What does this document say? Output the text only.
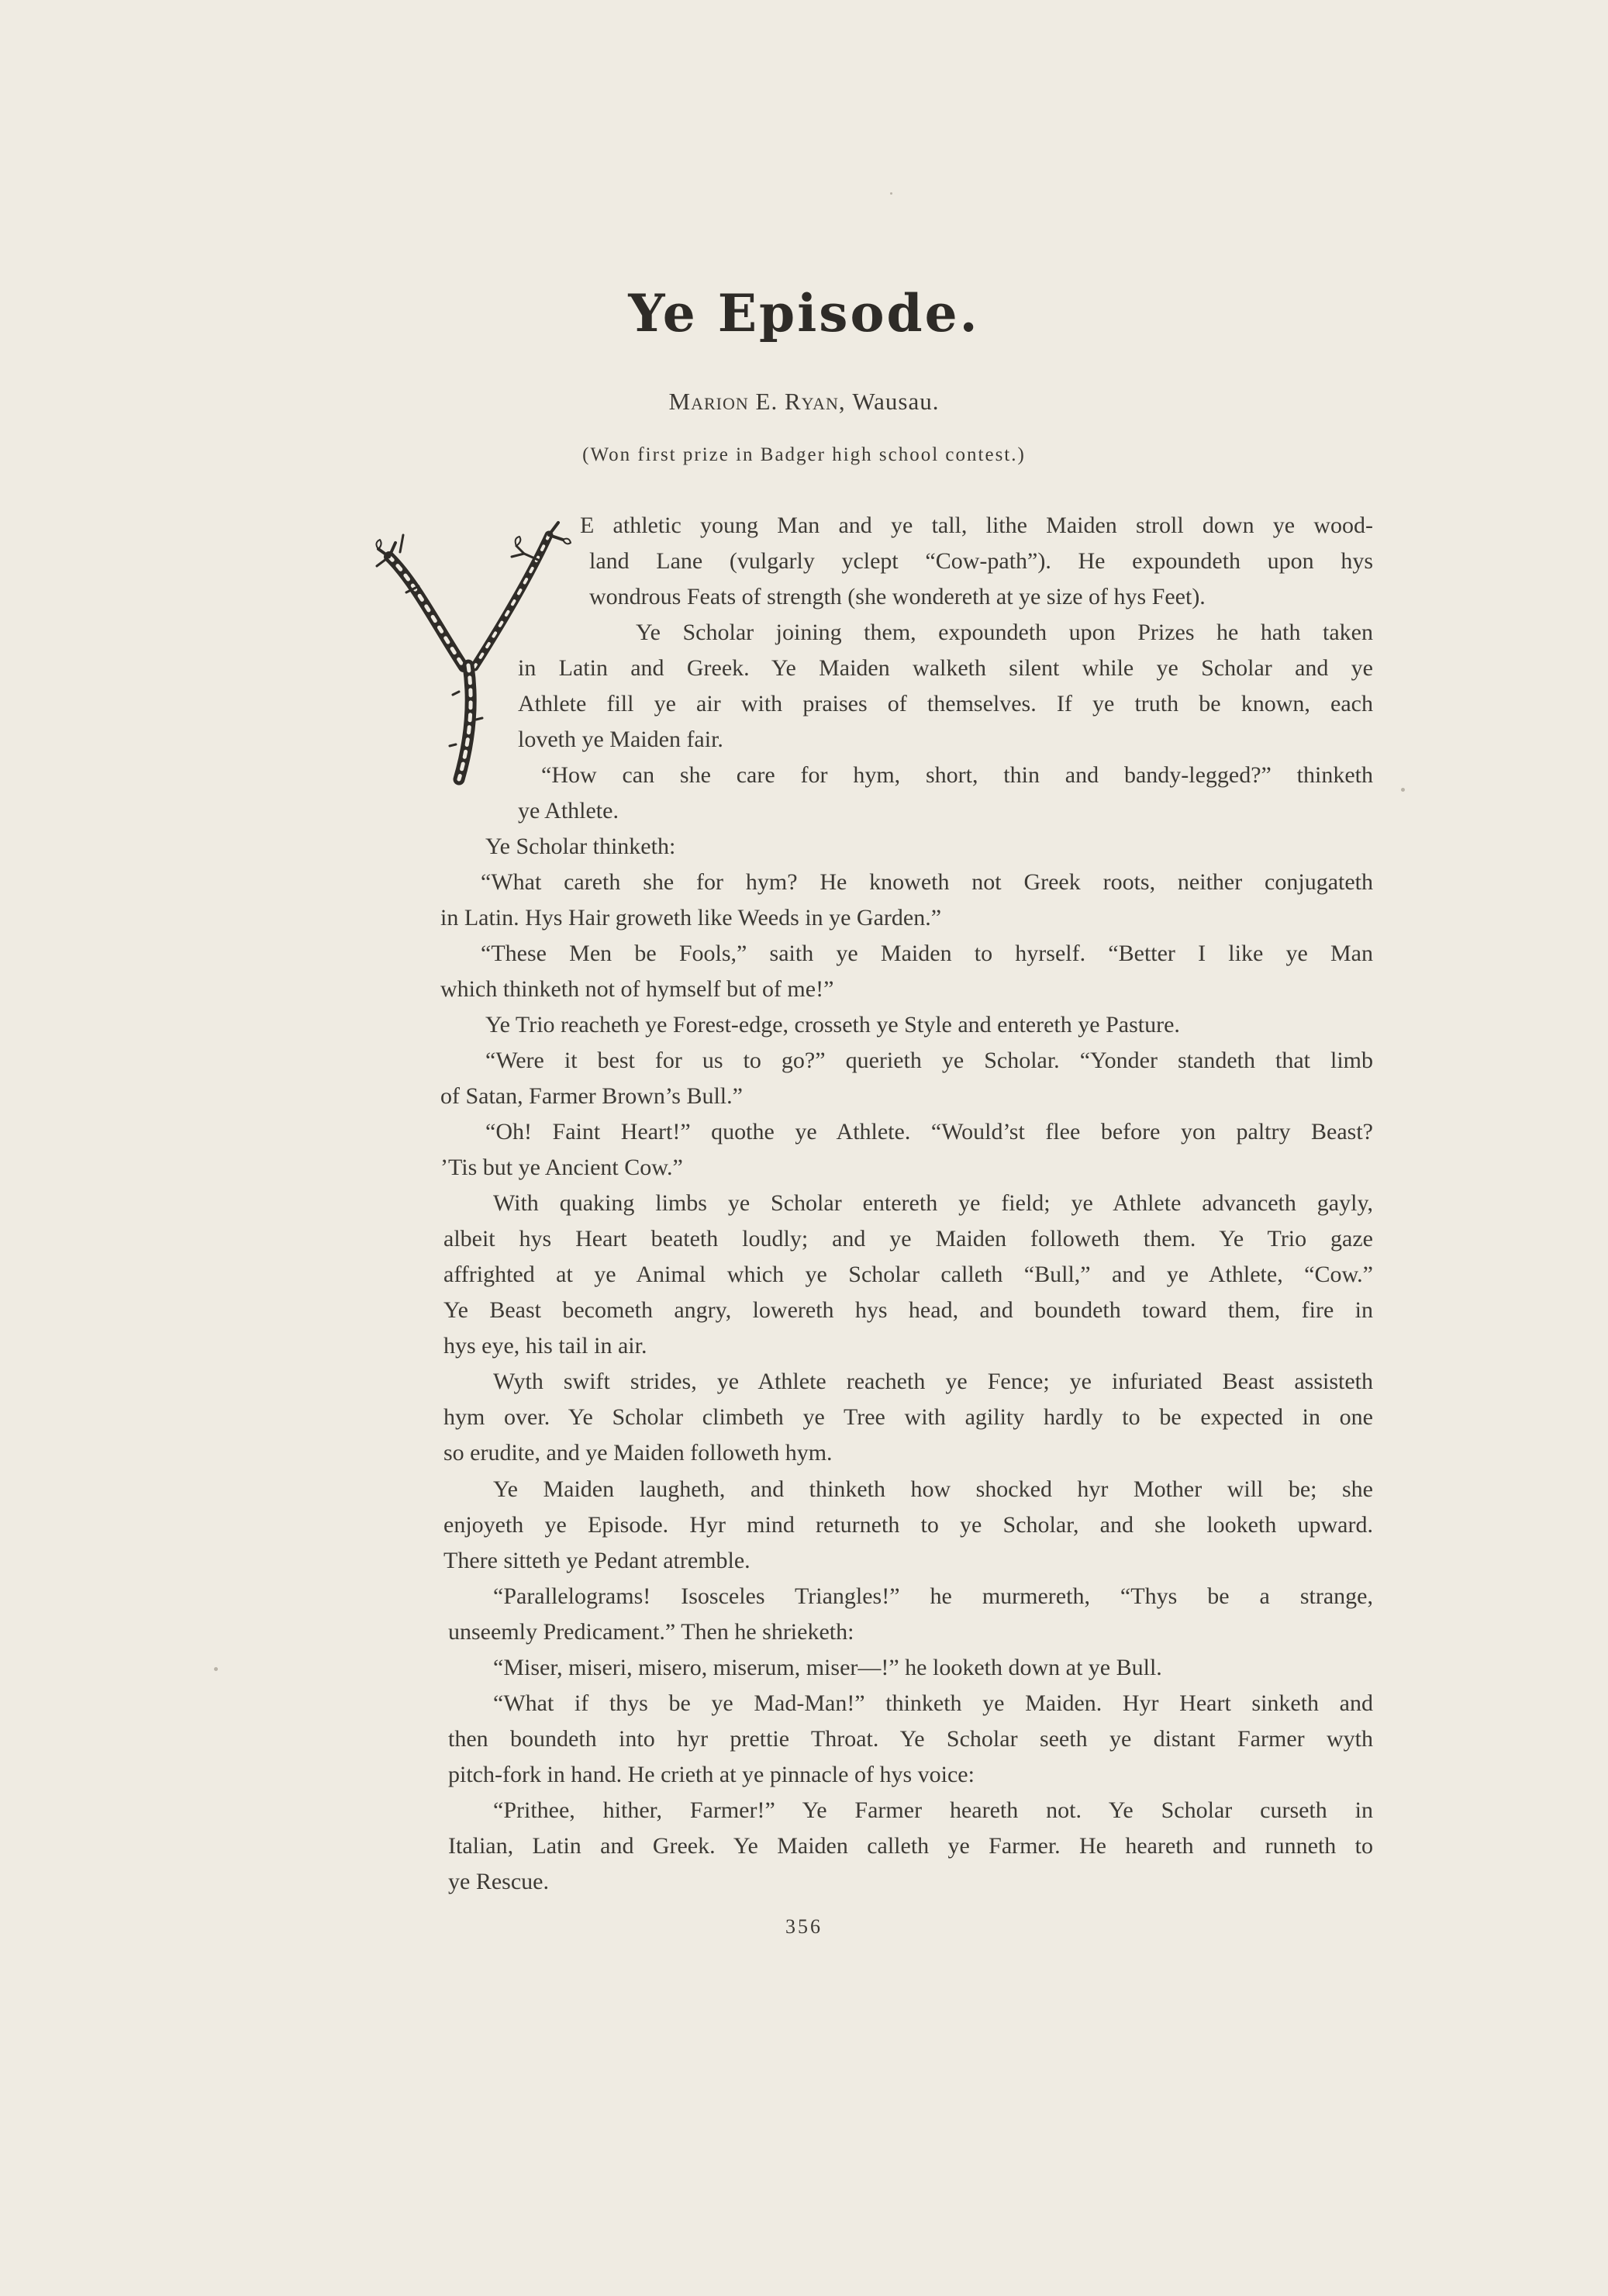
Ye Episode.
Marion E. Ryan, Wausau.
(Won first prize in Badger high school contest.)
E athletic young Man and ye tall, lithe Maiden stroll down ye wood-
land Lane (vulgarly yclept “Cow-path”). He expoundeth upon hys
wondrous Feats of strength (she wondereth at ye size of hys Feet).
Ye Scholar joining them, expoundeth upon Prizes he hath taken
in Latin and Greek. Ye Maiden walketh silent while ye Scholar and ye
Athlete fill ye air with praises of themselves. If ye truth be known, each
loveth ye Maiden fair.
“How can she care for hym, short, thin and bandy-legged?” thinketh
ye Athlete.
Ye Scholar thinketh:
“What careth she for hym? He knoweth not Greek roots, neither conjugateth
in Latin. Hys Hair groweth like Weeds in ye Garden.”
“These Men be Fools,” saith ye Maiden to hyrself. “Better I like ye Man
which thinketh not of hymself but of me!”
Ye Trio reacheth ye Forest-edge, crosseth ye Style and entereth ye Pasture.
“Were it best for us to go?” querieth ye Scholar. “Yonder standeth that limb
of Satan, Farmer Brown’s Bull.”
“Oh! Faint Heart!” quothe ye Athlete. “Would’st flee before yon paltry Beast?
’Tis but ye Ancient Cow.”
With quaking limbs ye Scholar entereth ye field; ye Athlete advanceth gayly,
albeit hys Heart beateth loudly; and ye Maiden followeth them. Ye Trio gaze
affrighted at ye Animal which ye Scholar calleth “Bull,” and ye Athlete, “Cow.”
Ye Beast becometh angry, lowereth hys head, and boundeth toward them, fire in
hys eye, his tail in air.
Wyth swift strides, ye Athlete reacheth ye Fence; ye infuriated Beast assisteth
hym over. Ye Scholar climbeth ye Tree with agility hardly to be expected in one
so erudite, and ye Maiden followeth hym.
Ye Maiden laugheth, and thinketh how shocked hyr Mother will be; she
enjoyeth ye Episode. Hyr mind returneth to ye Scholar, and she looketh upward.
There sitteth ye Pedant atremble.
“Parallelograms! Isosceles Triangles!” he murmereth, “Thys be a strange,
unseemly Predicament.” Then he shrieketh:
“Miser, miseri, misero, miserum, miser—!” he looketh down at ye Bull.
“What if thys be ye Mad-Man!” thinketh ye Maiden. Hyr Heart sinketh and
then boundeth into hyr prettie Throat. Ye Scholar seeth ye distant Farmer wyth
pitch-fork in hand. He crieth at ye pinnacle of hys voice:
“Prithee, hither, Farmer!” Ye Farmer heareth not. Ye Scholar curseth in
Italian, Latin and Greek. Ye Maiden calleth ye Farmer. He heareth and runneth to
ye Rescue.
356
